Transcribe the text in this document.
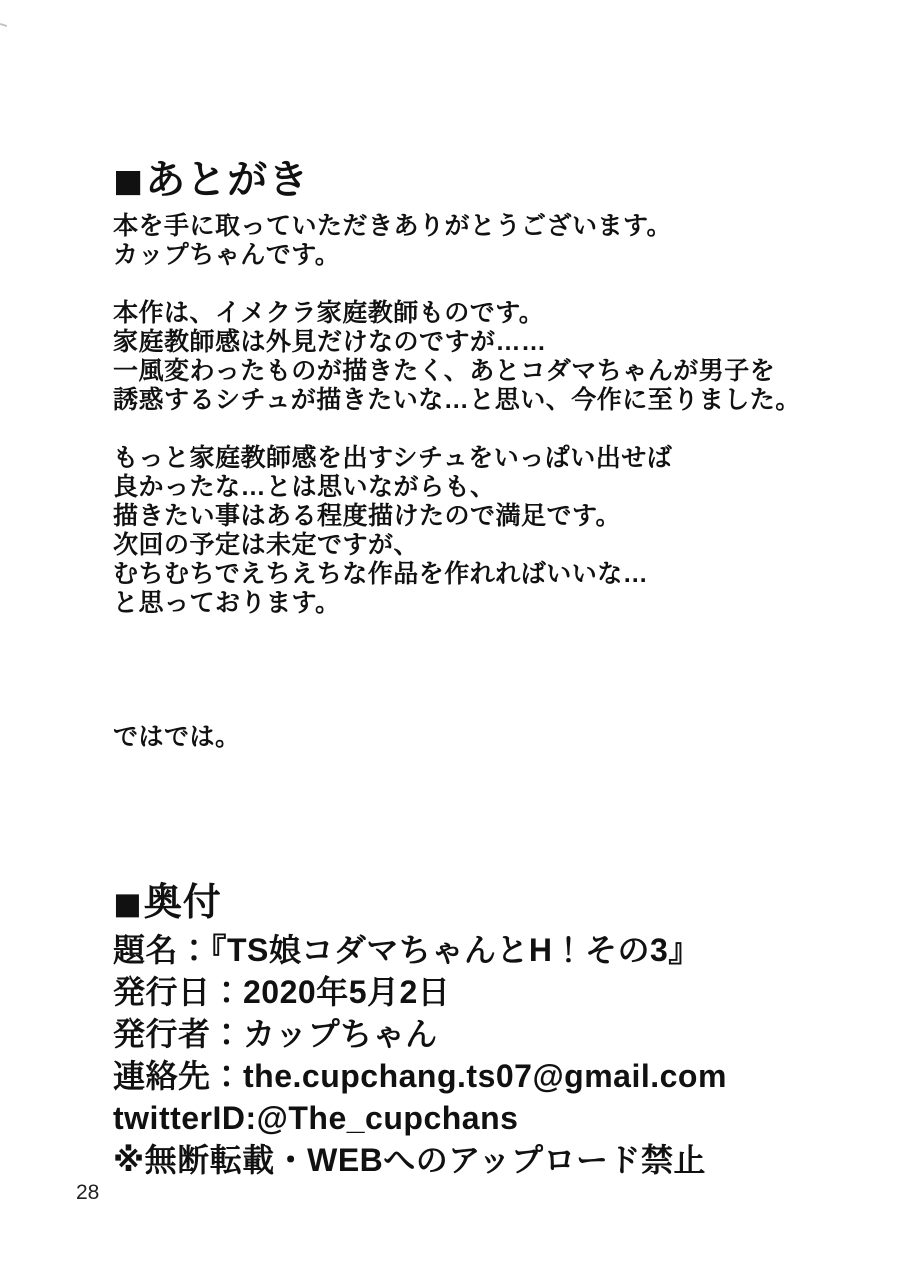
■あとがき

本を手に取っていただきありがとうございます。
カップちゃんです。

本作は、イメクラ家庭教師ものです。
家庭教師感は外見だけなのですが……
一風変わったものが描きたく、あとコダマちゃんが男子を
誘惑するシチュが描きたいな…と思い、今作に至りました。

もっと家庭教師感を出すシチュをいっぱい出せば
良かったな…とは思いながらも、
描きたい事はある程度描けたので満足です。
次回の予定は未定ですが、
むちむちでえちえちな作品を作れればいいな…
と思っております。

ではでは。

■奥付
題名：『TS娘コダマちゃんとH！その3』
発行日：2020年5月2日
発行者：カップちゃん
連絡先：the.cupchang.ts07@gmail.com
twitterID:@The_cupchans
※無断転載・WEBへのアップロード禁止
28
